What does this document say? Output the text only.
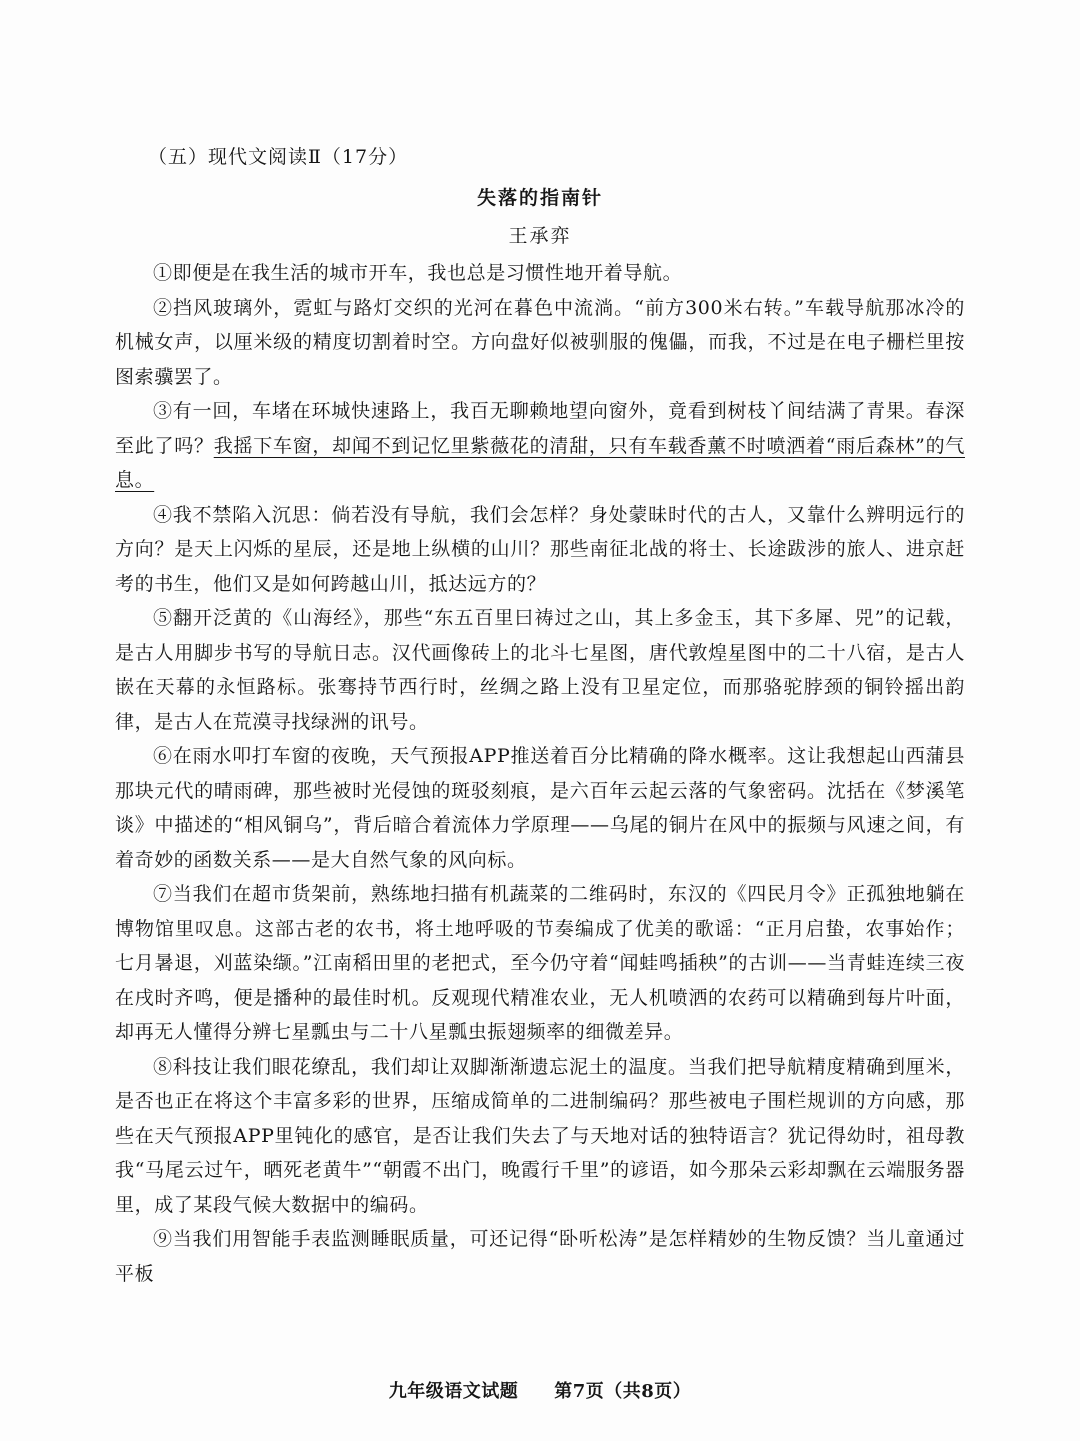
（五）现代文阅读Ⅱ（17分）
失落的指南针
王承弈

①即便是在我生活的城市开车，我也总是习惯性地开着导航。

②挡风玻璃外，霓虹与路灯交织的光河在暮色中流淌。“前方300米右转。”车载导航那冰冷的机械女声，以厘米级的精度切割着时空。方向盘好似被驯服的傀儡，而我，不过是在电子栅栏里按图索骥罢了。

③有一回，车堵在环城快速路上，我百无聊赖地望向窗外，竟看到树枝丫间结满了青果。春深至此了吗？我摇下车窗，却闻不到记忆里紫薇花的清甜，只有车载香薰不时喷洒着“雨后森林”的气息。

④我不禁陷入沉思：倘若没有导航，我们会怎样？身处蒙昧时代的古人，又靠什么辨明远行的方向？是天上闪烁的星辰，还是地上纵横的山川？那些南征北战的将士、长途跋涉的旅人、进京赶考的书生，他们又是如何跨越山川，抵达远方的？

⑤翻开泛黄的《山海经》，那些“东五百里曰祷过之山，其上多金玉，其下多犀、兕”的记载，是古人用脚步书写的导航日志。汉代画像砖上的北斗七星图，唐代敦煌星图中的二十八宿，是古人嵌在天幕的永恒路标。张骞持节西行时，丝绸之路上没有卫星定位，而那骆驼脖颈的铜铃摇出韵律，是古人在荒漠寻找绿洲的讯号。

⑥在雨水叩打车窗的夜晚，天气预报APP推送着百分比精确的降水概率。这让我想起山西蒲县那块元代的晴雨碑，那些被时光侵蚀的斑驳刻痕，是六百年云起云落的气象密码。沈括在《梦溪笔谈》中描述的“相风铜乌”，背后暗合着流体力学原理——乌尾的铜片在风中的振频与风速之间，有着奇妙的函数关系——是大自然气象的风向标。

⑦当我们在超市货架前，熟练地扫描有机蔬菜的二维码时，东汉的《四民月令》正孤独地躺在博物馆里叹息。这部古老的农书，将土地呼吸的节奏编成了优美的歌谣：“正月启蛰，农事始作；七月暑退，刈蓝染缬。”江南稻田里的老把式，至今仍守着“闻蛙鸣插秧”的古训——当青蛙连续三夜在戌时齐鸣，便是播种的最佳时机。反观现代精准农业，无人机喷洒的农药可以精确到每片叶面，却再无人懂得分辨七星瓢虫与二十八星瓢虫振翅频率的细微差异。

⑧科技让我们眼花缭乱，我们却让双脚渐渐遗忘泥土的温度。当我们把导航精度精确到厘米，是否也正在将这个丰富多彩的世界，压缩成简单的二进制编码？那些被电子围栏规训的方向感，那些在天气预报APP里钝化的感官，是否让我们失去了与天地对话的独特语言？犹记得幼时，祖母教我“马尾云过午，晒死老黄牛”“朝霞不出门，晚霞行千里”的谚语，如今那朵云彩却飘在云端服务器里，成了某段气候大数据中的编码。

⑨当我们用智能手表监测睡眠质量，可还记得“卧听松涛”是怎样精妙的生物反馈？当儿童通过平板

九年级语文试题 第7页（共8页）
